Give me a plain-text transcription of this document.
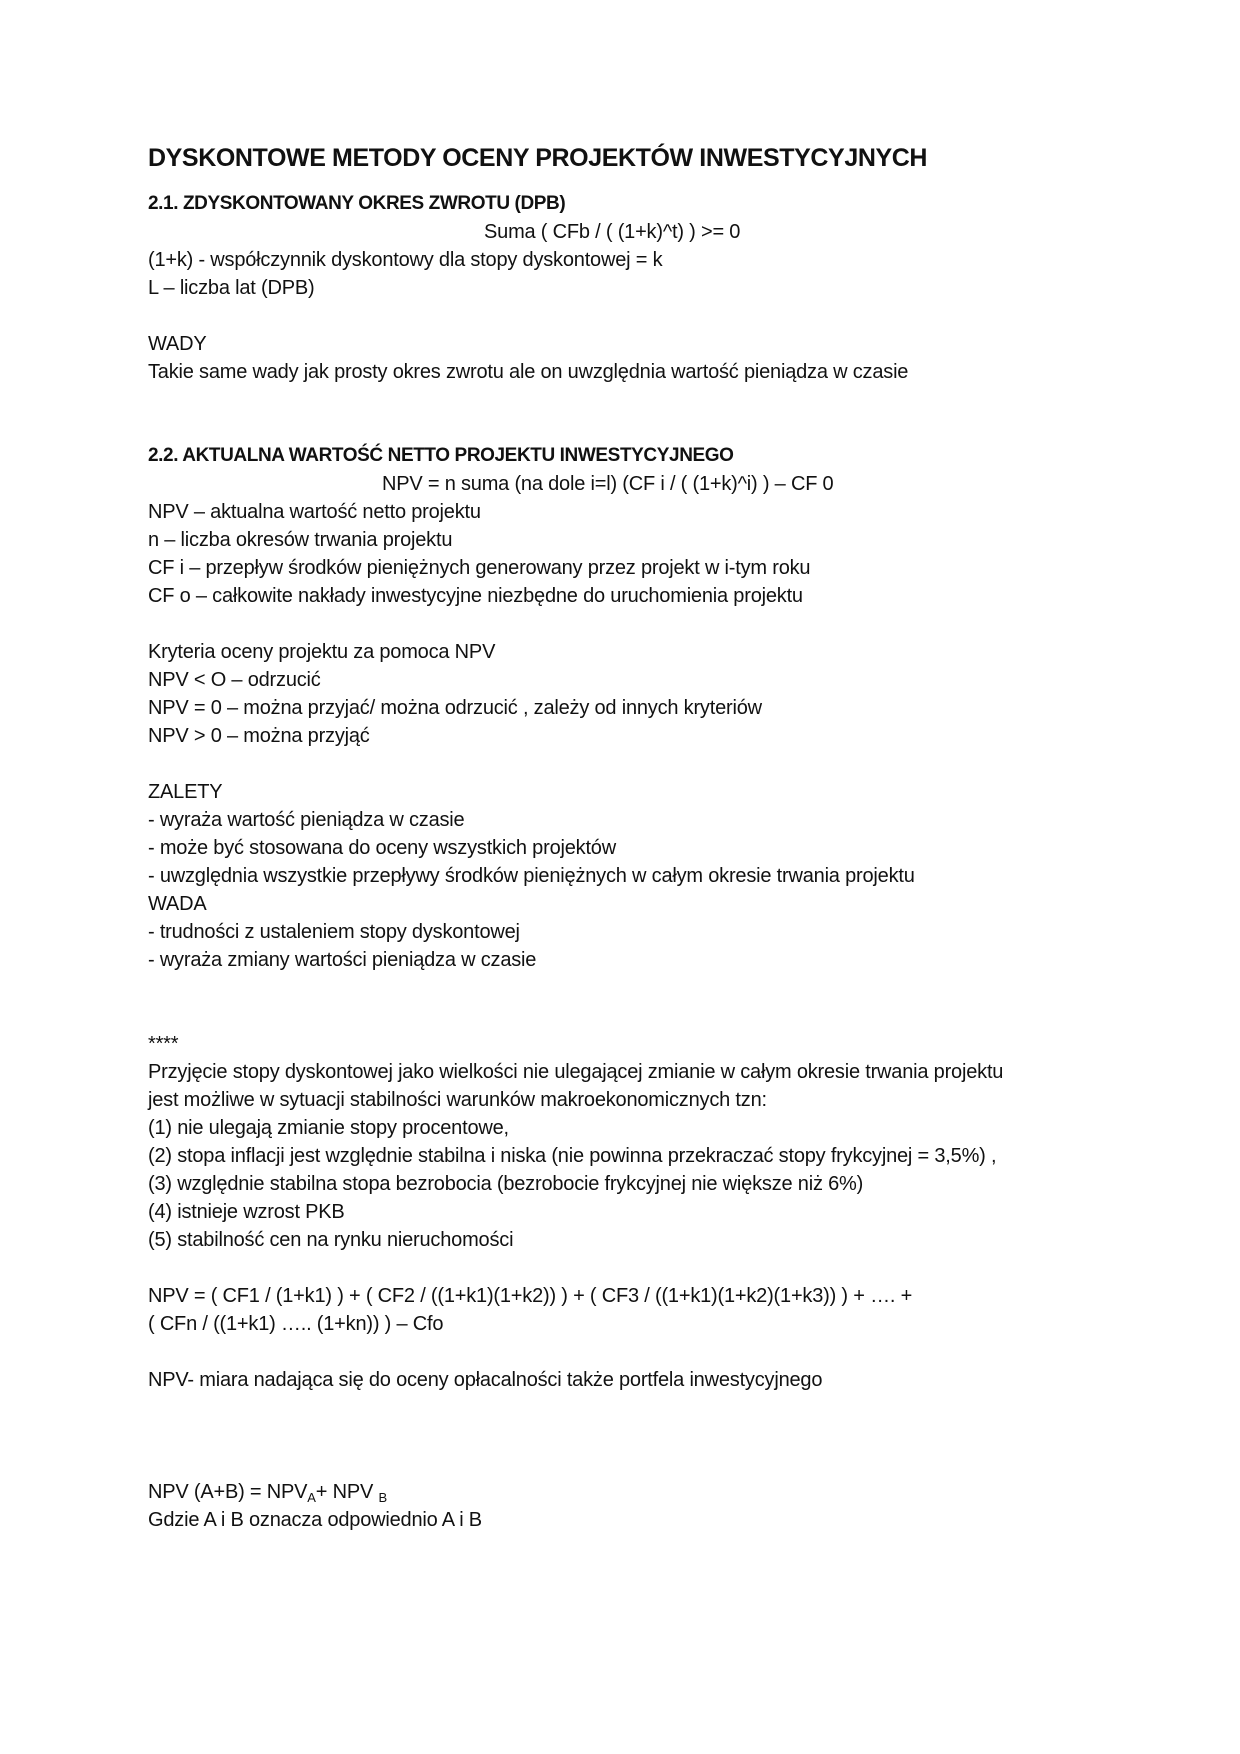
DYSKONTOWE METODY OCENY PROJEKTÓW INWESTYCYJNYCH
2.1. ZDYSKONTOWANY OKRES ZWROTU (DPB)
Suma ( CFb / ( (1+k)^t) ) >= 0
(1+k) - współczynnik dyskontowy dla stopy dyskontowej = k
L – liczba lat (DPB)
WADY
Takie same wady jak prosty okres zwrotu ale on uwzględnia wartość pieniądza w czasie
2.2. AKTUALNA WARTOŚĆ NETTO PROJEKTU INWESTYCYJNEGO
NPV = n suma (na dole i=l) (CF i / ( (1+k)^i) ) – CF 0
NPV – aktualna wartość netto projektu
n – liczba okresów trwania projektu
CF i – przepływ środków pieniężnych generowany przez projekt w i-tym roku
CF o – całkowite nakłady inwestycyjne niezbędne do uruchomienia projektu
Kryteria oceny projektu za pomoca NPV
NPV < O – odrzucić
NPV = 0 – można przyjać/ można odrzucić , zależy od innych kryteriów
NPV > 0 – można przyjąć
ZALETY
- wyraża wartość pieniądza w czasie
- może być stosowana do oceny wszystkich projektów
- uwzględnia wszystkie przepływy środków pieniężnych w całym okresie trwania projektu
WADA
- trudności z ustaleniem stopy dyskontowej
- wyraża zmiany wartości pieniądza w czasie
****
Przyjęcie stopy dyskontowej jako wielkości nie ulegającej zmianie w całym okresie trwania projektu
jest możliwe w sytuacji stabilności warunków makroekonomicznych tzn:
(1) nie ulegają zmianie stopy procentowe,
(2) stopa inflacji jest względnie stabilna i niska (nie powinna przekraczać stopy frykcyjnej = 3,5%) ,
(3) względnie stabilna stopa bezrobocia (bezrobocie frykcyjnej nie większe niż 6%)
(4) istnieje wzrost PKB
(5) stabilność cen na rynku nieruchomości
NPV = ( CF1 / (1+k1) ) + ( CF2 / ((1+k1)(1+k2)) ) + ( CF3 / ((1+k1)(1+k2)(1+k3)) ) + …. +
( CFn / ((1+k1) ….. (1+kn)) ) – Cfo
NPV- miara nadająca się do oceny opłacalności także portfela inwestycyjnego
NPV $(A+B) = NPV_A+$ NPV $_B$
Gdzie A i B oznacza odpowiednio A i B
